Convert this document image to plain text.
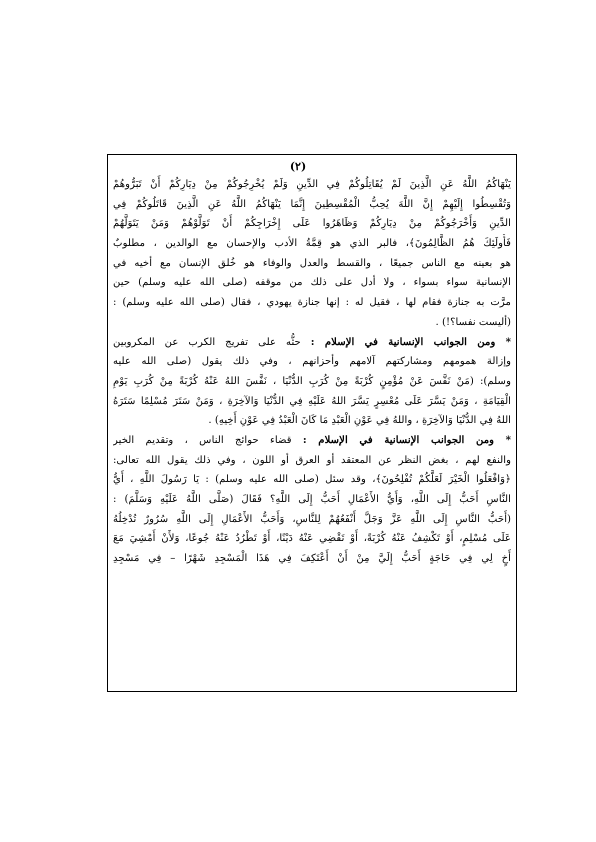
(٢)
يَنْهَاكُمُ اللَّهُ عَنِ الَّذِينَ لَمْ يُقَاتِلُوكُمْ فِي الدِّينِ وَلَمْ يُخْرِجُوكُمْ مِنْ دِيَارِكُمْ أَنْ تَبَرُّوهُمْ
وَتُقْسِطُوا إِلَيْهِمْ إِنَّ اللَّهَ يُحِبُّ الْمُقْسِطِينَ إِنَّمَا يَنْهَاكُمُ اللَّهُ عَنِ الَّذِينَ قَاتَلُوكُمْ فِي
الدِّينِ وَأَخْرَجُوكُمْ مِنْ دِيَارِكُمْ وَظَاهَرُوا عَلَى إِخْرَاجِكُمْ أَنْ تَوَلَّوْهُمْ وَمَنْ يَتَوَلَّهُمْ
فَأُولَئِكَ هُمُ الظَّالِمُونَ﴾، فالبر الذي هو قِمَّةُ الأدب والإحسان مع الوالدين ، مطلوبٌ
هو بعينه مع الناس جميعًا ، والقسط والعدل والوفاء هو خُلق الإنسان مع أخيه في
الإنسانية سواء بسواء ، ولا أدل على ذلك من موقفه (صلى الله عليه وسلم) حين
مرَّت به جنازة فقام لها ، فقيل له : إنها جنازة يهودي ، فقال (صلى الله عليه وسلم) :
(أليست نفسا؟!) .
* ومن الجوانب الإنسانية في الإسلام : حثُّه على تفريج الكرب عن المكروبين
وإزالة همومهم ومشاركتهم آلامهم وأحزانهم ، وفي ذلك يقول (صلى الله عليه
وسلم): (مَنْ نَفَّسَ عَنْ مُؤْمِنٍ كُرْبَةً مِنْ كُرَبِ الدُّنْيَا ، نَفَّسَ اللهُ عَنْهُ كُرْبَةً مِنْ كُرَبِ يَوْمِ
الْقِيَامَةِ ، وَمَنْ يَسَّرَ عَلَى مُعْسِرٍ يَسَّرَ اللهُ عَلَيْهِ فِي الدُّنْيَا وَالآخِرَةِ ، وَمَنْ سَتَرَ مُسْلِمًا سَتَرَهُ
اللهُ فِي الدُّنْيَا وَالآخِرَةِ ، واللهُ فِي عَوْنِ الْعَبْدِ مَا كَانَ الْعَبْدُ فِي عَوْنِ أَخِيهِ) .
* ومن الجوانب الإنسانية في الإسلام : قضاء حوائج الناس ، وتقديم الخير
والنفع لهم ، بغض النظر عن المعتقد أو العرق أو اللون ، وفي ذلك يقول الله تعالى:
﴿وَافْعَلُوا الْخَيْرَ لَعَلَّكُمْ تُفْلِحُونَ﴾، وقد سئل (صلى الله عليه وسلم) : يَا رَسُولَ اللَّهِ ، أَيُّ
النَّاسِ أَحَبُّ إِلَى اللَّهِ، وَأَيُّ الأَعْمَالِ أَحَبُّ إِلَى اللَّهِ؟ فَقَالَ (صَلَّى اللَّهُ عَلَيْهِ وَسَلَّمَ) :
(أَحَبُّ النَّاسِ إِلَى اللَّهِ عَزَّ وَجَلَّ أَنْفَعُهُمْ لِلنَّاسِ، وَأَحَبُّ الأَعْمَالِ إِلَى اللَّهِ سُرُورٌ تُدْخِلُهُ
عَلَى مُسْلِمٍ، أَوْ تَكْشِفُ عَنْهُ كُرْبَةً، أَوْ تَقْضِي عَنْهُ دَيْنًا، أَوْ تَطْرُدُ عَنْهُ جُوعًا، وَلأَنْ أَمْشِيَ مَعَ
أَخٍ لِي فِي حَاجَةٍ أَحَبُّ إِلَيَّ مِنْ أَنْ أَعْتَكِفَ فِي هَذَا الْمَسْجِدِ شَهْرًا – فِي مَسْجِدِ
